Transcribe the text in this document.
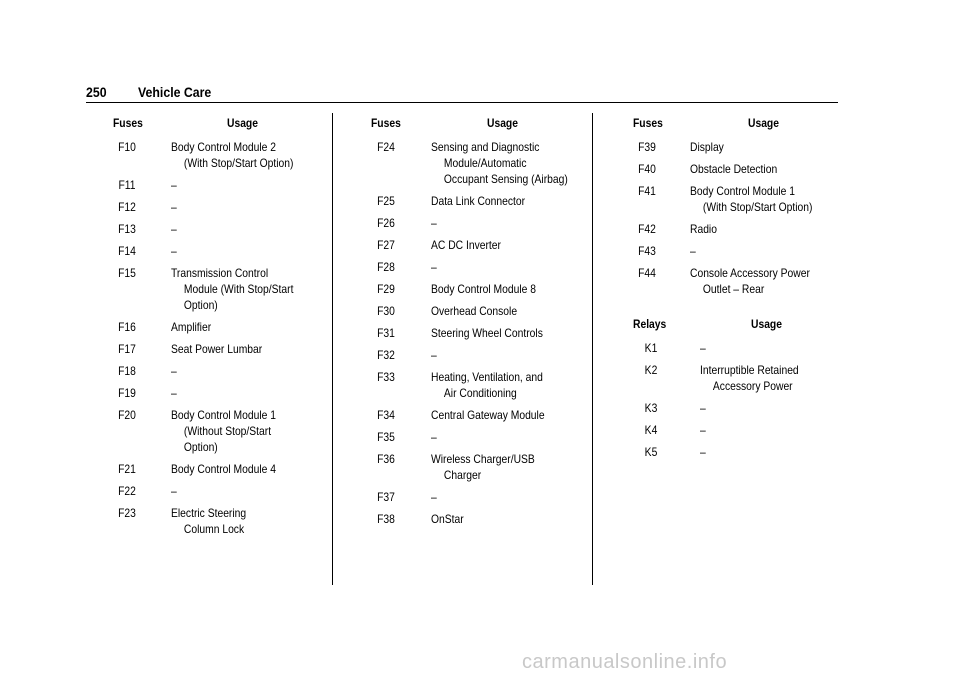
250 Vehicle Care
Fuses	Usage	Fuses	Usage	Fuses	Usage
Relays	Usage
F10	Body Control Module 2
(With Stop/Start Option)
F11	–
F12	–
F13	–
F14	–
F15	Transmission Control
Module (With Stop/Start
Option)
F16	Amplifier
F17	Seat Power Lumbar
F18	–
F19	–
F20	Body Control Module 1
(Without Stop/Start
Option)
F21	Body Control Module 4
F22	–
F23	Electric Steering
Column Lock
F24	Sensing and Diagnostic
Module/Automatic
Occupant Sensing (Airbag)
F25	Data Link Connector
F26	–
F27	AC DC Inverter
F28	–
F29	Body Control Module 8
F30	Overhead Console
F31	Steering Wheel Controls
F32	–
F33	Heating, Ventilation, and
Air Conditioning
F34	Central Gateway Module
F35	–
F36	Wireless Charger/USB
Charger
F37	–
F38	OnStar
F39	Display
F40	Obstacle Detection
F41	Body Control Module 1
(With Stop/Start Option)
F42	Radio
F43	–
F44	Console Accessory Power
Outlet – Rear
K1	–
K2	Interruptible Retained
Accessory Power
K3	–
K4	–
K5	–
carmanualsonline.info
